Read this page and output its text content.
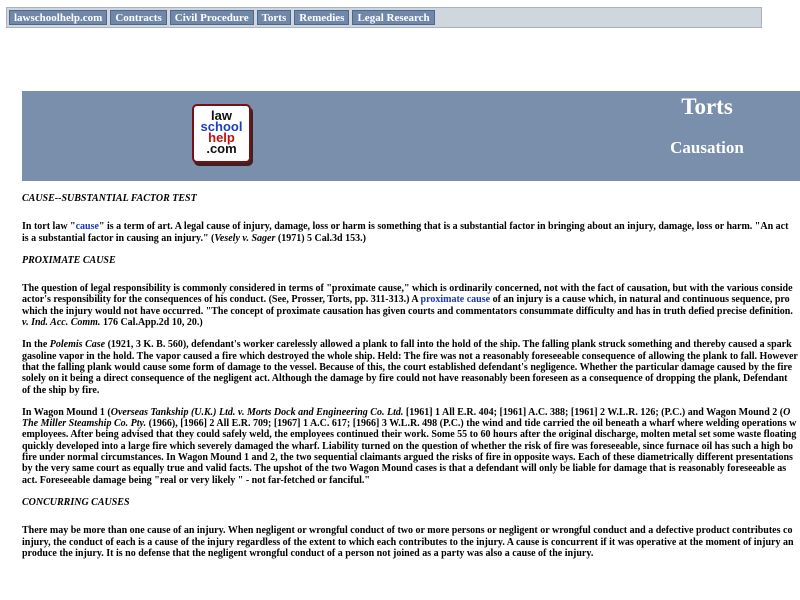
lawschoolhelp.com	Contracts	Civil Procedure	Torts	Remedies	Legal Research
law
school
help
.com
Torts
Causation
CAUSE--SUBSTANTIAL FACTOR TEST

In tort law "cause" is a term of art. A legal cause of injury, damage, loss or harm is something that is a substantial factor in bringing about an injury, damage, loss or harm. "An act
is a substantial factor in causing an injury." (Vesely v. Sager (1971) 5 Cal.3d 153.)

PROXIMATE CAUSE

The question of legal responsibility is commonly considered in terms of "proximate cause," which is ordinarily concerned, not with the fact of causation, but with the various conside
actor's responsibility for the consequences of his conduct. (See, Prosser, Torts, pp. 311-313.) A proximate cause of an injury is a cause which, in natural and continuous sequence, pro
which the injury would not have occurred. "The concept of proximate causation has given courts and commentators consummate difficulty and has in truth defied precise definition.
v. Ind. Acc. Comm. 176 Cal.App.2d 10, 20.)

In the Polemis Case (1921, 3 K. B. 560), defendant's worker carelessly allowed a plank to fall into the hold of the ship. The falling plank struck something and thereby caused a spark
gasoline vapor in the hold. The vapor caused a fire which destroyed the whole ship. Held: The fire was not a reasonably foreseeable consequence of allowing the plank to fall. However
that the falling plank would cause some form of damage to the vessel. Because of this, the court established defendant's negligence. Whether the particular damage caused by the fire
solely on it being a direct consequence of the negligent act. Although the damage by fire could not have reasonably been foreseen as a consequence of dropping the plank, Defendant
of the ship by fire.

In Wagon Mound 1 (Overseas Tankship (U.K.) Ltd. v. Morts Dock and Engineering Co. Ltd. [1961] 1 All E.R. 404; [1961] A.C. 388; [1961] 2 W.L.R. 126; (P.C.) and Wagon Mound 2 (O
The Miller Steamship Co. Pty. (1966), [1966] 2 All E.R. 709; [1967] 1 A.C. 617; [1966] 3 W.L.R. 498 (P.C.) the wind and tide carried the oil beneath a wharf where welding operations w
employees. After being advised that they could safely weld, the employees continued their work. Some 55 to 60 hours after the original discharge, molten metal set some waste floating
quickly developed into a large fire which severely damaged the wharf. Liability turned on the question of whether the risk of fire was foreseeable, since furnace oil has such a high bo
fire under normal circumstances. In Wagon Mound 1 and 2, the two sequential claimants argued the risks of fire in opposite ways. Each of these diametrically different presentations
by the very same court as equally true and valid facts. The upshot of the two Wagon Mound cases is that a defendant will only be liable for damage that is reasonably foreseeable as
act. Foreseeable damage being "real or very likely " - not far-fetched or fanciful."

CONCURRING CAUSES

There may be more than one cause of an injury. When negligent or wrongful conduct of two or more persons or negligent or wrongful conduct and a defective product contributes co
injury, the conduct of each is a cause of the injury regardless of the extent to which each contributes to the injury. A cause is concurrent if it was operative at the moment of injury an
produce the injury. It is no defense that the negligent wrongful conduct of a person not joined as a party was also a cause of the injury.
